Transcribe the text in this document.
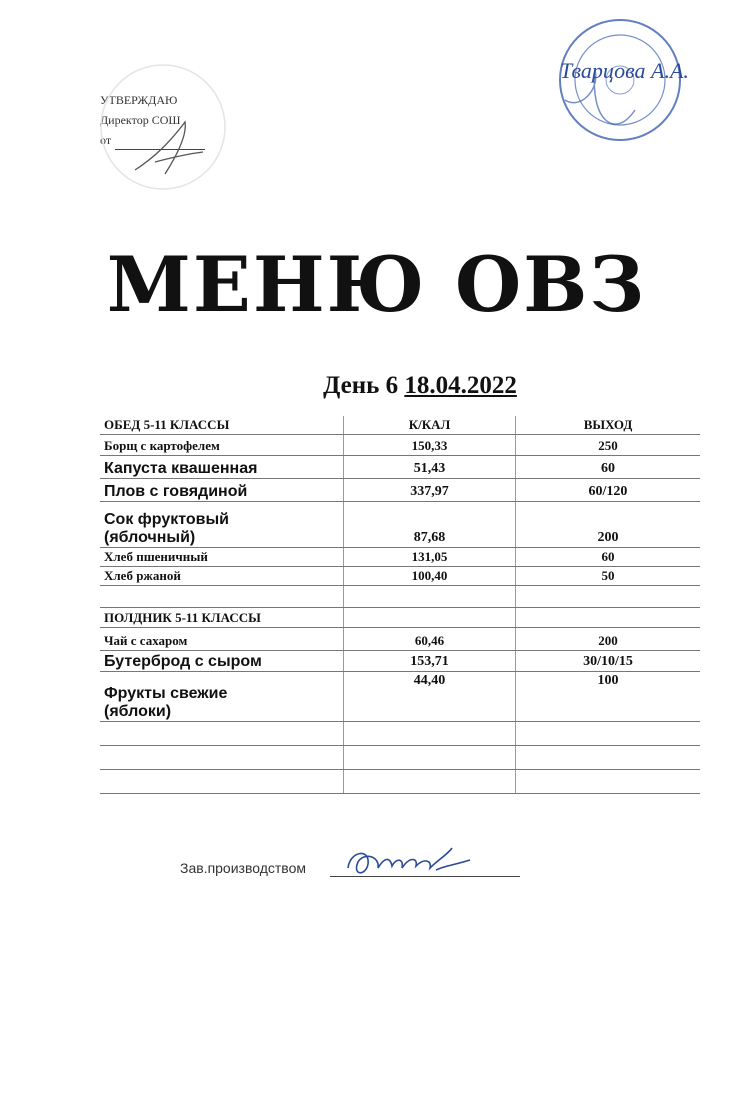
УТВЕРЖДАЮ
Директор СОШ
от
Тварцова А.А.
МЕНЮ ОВЗ
День 6 18.04.2022
ОБЕД 5-11 КЛАССЫ	К/КАЛ	ВЫХОД
Борщ с картофелем	150,33	250
Капуста квашенная	51,43	60
Плов с говядиной	337,97	60/120

Сок фруктовый
(яблочный)	87,68	200
Хлеб пшеничный	131,05	60
Хлеб ржаной	100,40	50

ПОЛДНИК 5-11 КЛАССЫ		
Чай с сахаром	60,46	200
Бутерброд с сыром	153,71	30/10/15

Фрукты свежие
(яблоки)	44,40	100

Зав.производством
